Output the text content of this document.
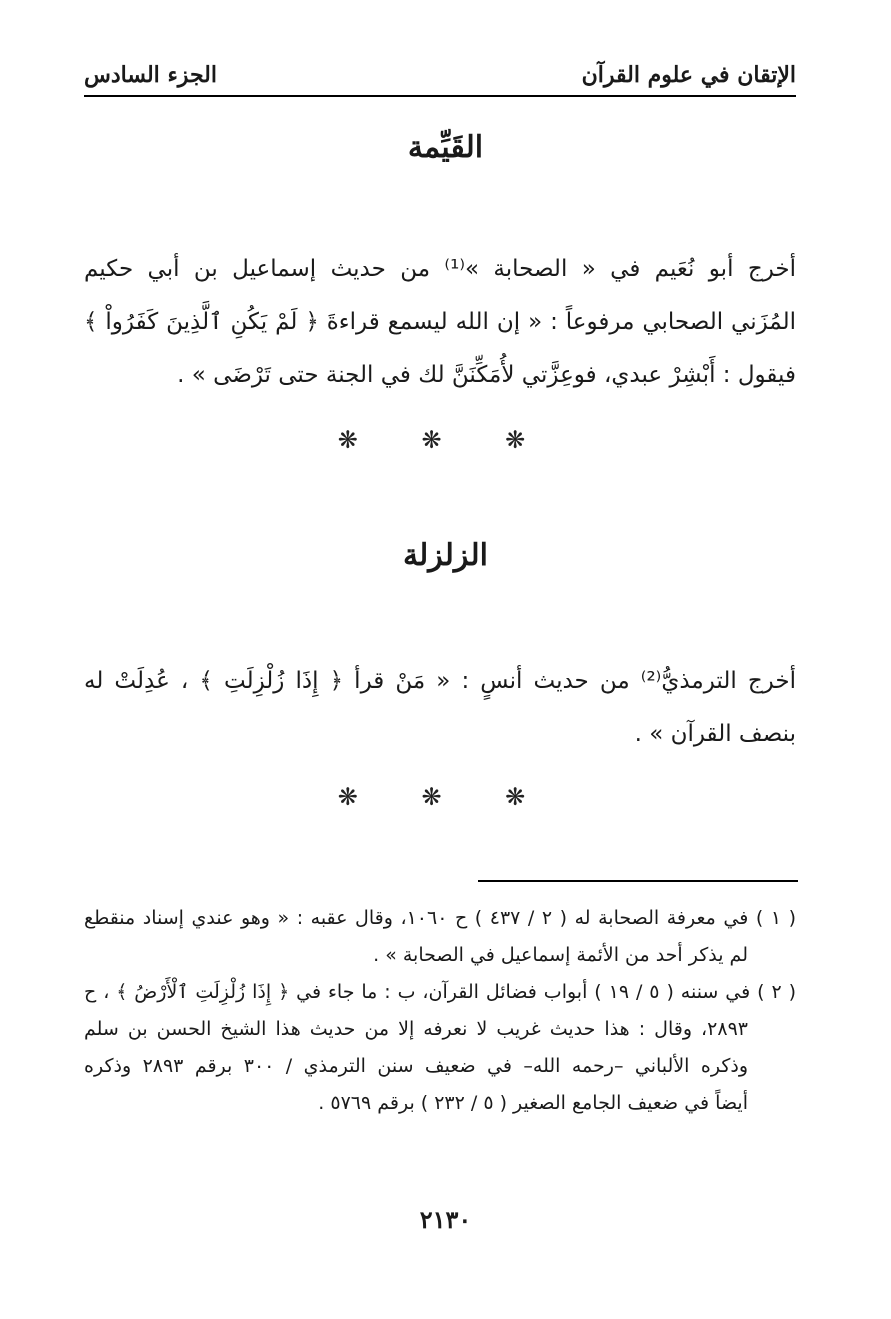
الإتقان في علوم القرآن
الجزء السادس
القَيِّمة
أخرج أبو نُعَيم في « الصحابة »⁽¹⁾ من حديث إسماعيل بن أبي حكيم
المُزَني الصحابي مرفوعاً : « إن الله ليسمع قراءةَ ﴿ لَمْ يَكُنِ ٱلَّذِينَ كَفَرُواْ ﴾
فيقول : أَبْشِرْ عبدي، فوعِزَّتي لأُمَكِّنَنَّ لك في الجنة حتى تَرْضَى » .
❋ ❋ ❋
الزلزلة
أخرج الترمذيُّ⁽²⁾ من حديث أنسٍ : « مَنْ قرأ ﴿ إِذَا زُلْزِلَتِ ﴾ ، عُدِلَتْ له
بنصف القرآن » .
❋ ❋ ❋
( ١ ) في معرفة الصحابة له ( ٢ / ٤٣٧ ) ح ١٠٦٠، وقال عقبه : « وهو عندي إسناد منقطع
لم يذكر أحد من الأئمة إسماعيل في الصحابة » .
( ٢ ) في سننه ( ٥ / ١٩ ) أبواب فضائل القرآن، ب : ما جاء في ﴿ إِذَا زُلْزِلَتِ ٱلْأَرْضُ ﴾ ، ح
٢٨٩٣، وقال : هذا حديث غريب لا نعرفه إلا من حديث هذا الشيخ الحسن بن سلم
وذكره الألباني –رحمه الله– في ضعيف سنن الترمذي / ٣٠٠ برقم ٢٨٩٣ وذكره
أيضاً في ضعيف الجامع الصغير ( ٥ / ٢٣٢ ) برقم ٥٧٦٩ .
٢١٣٠
